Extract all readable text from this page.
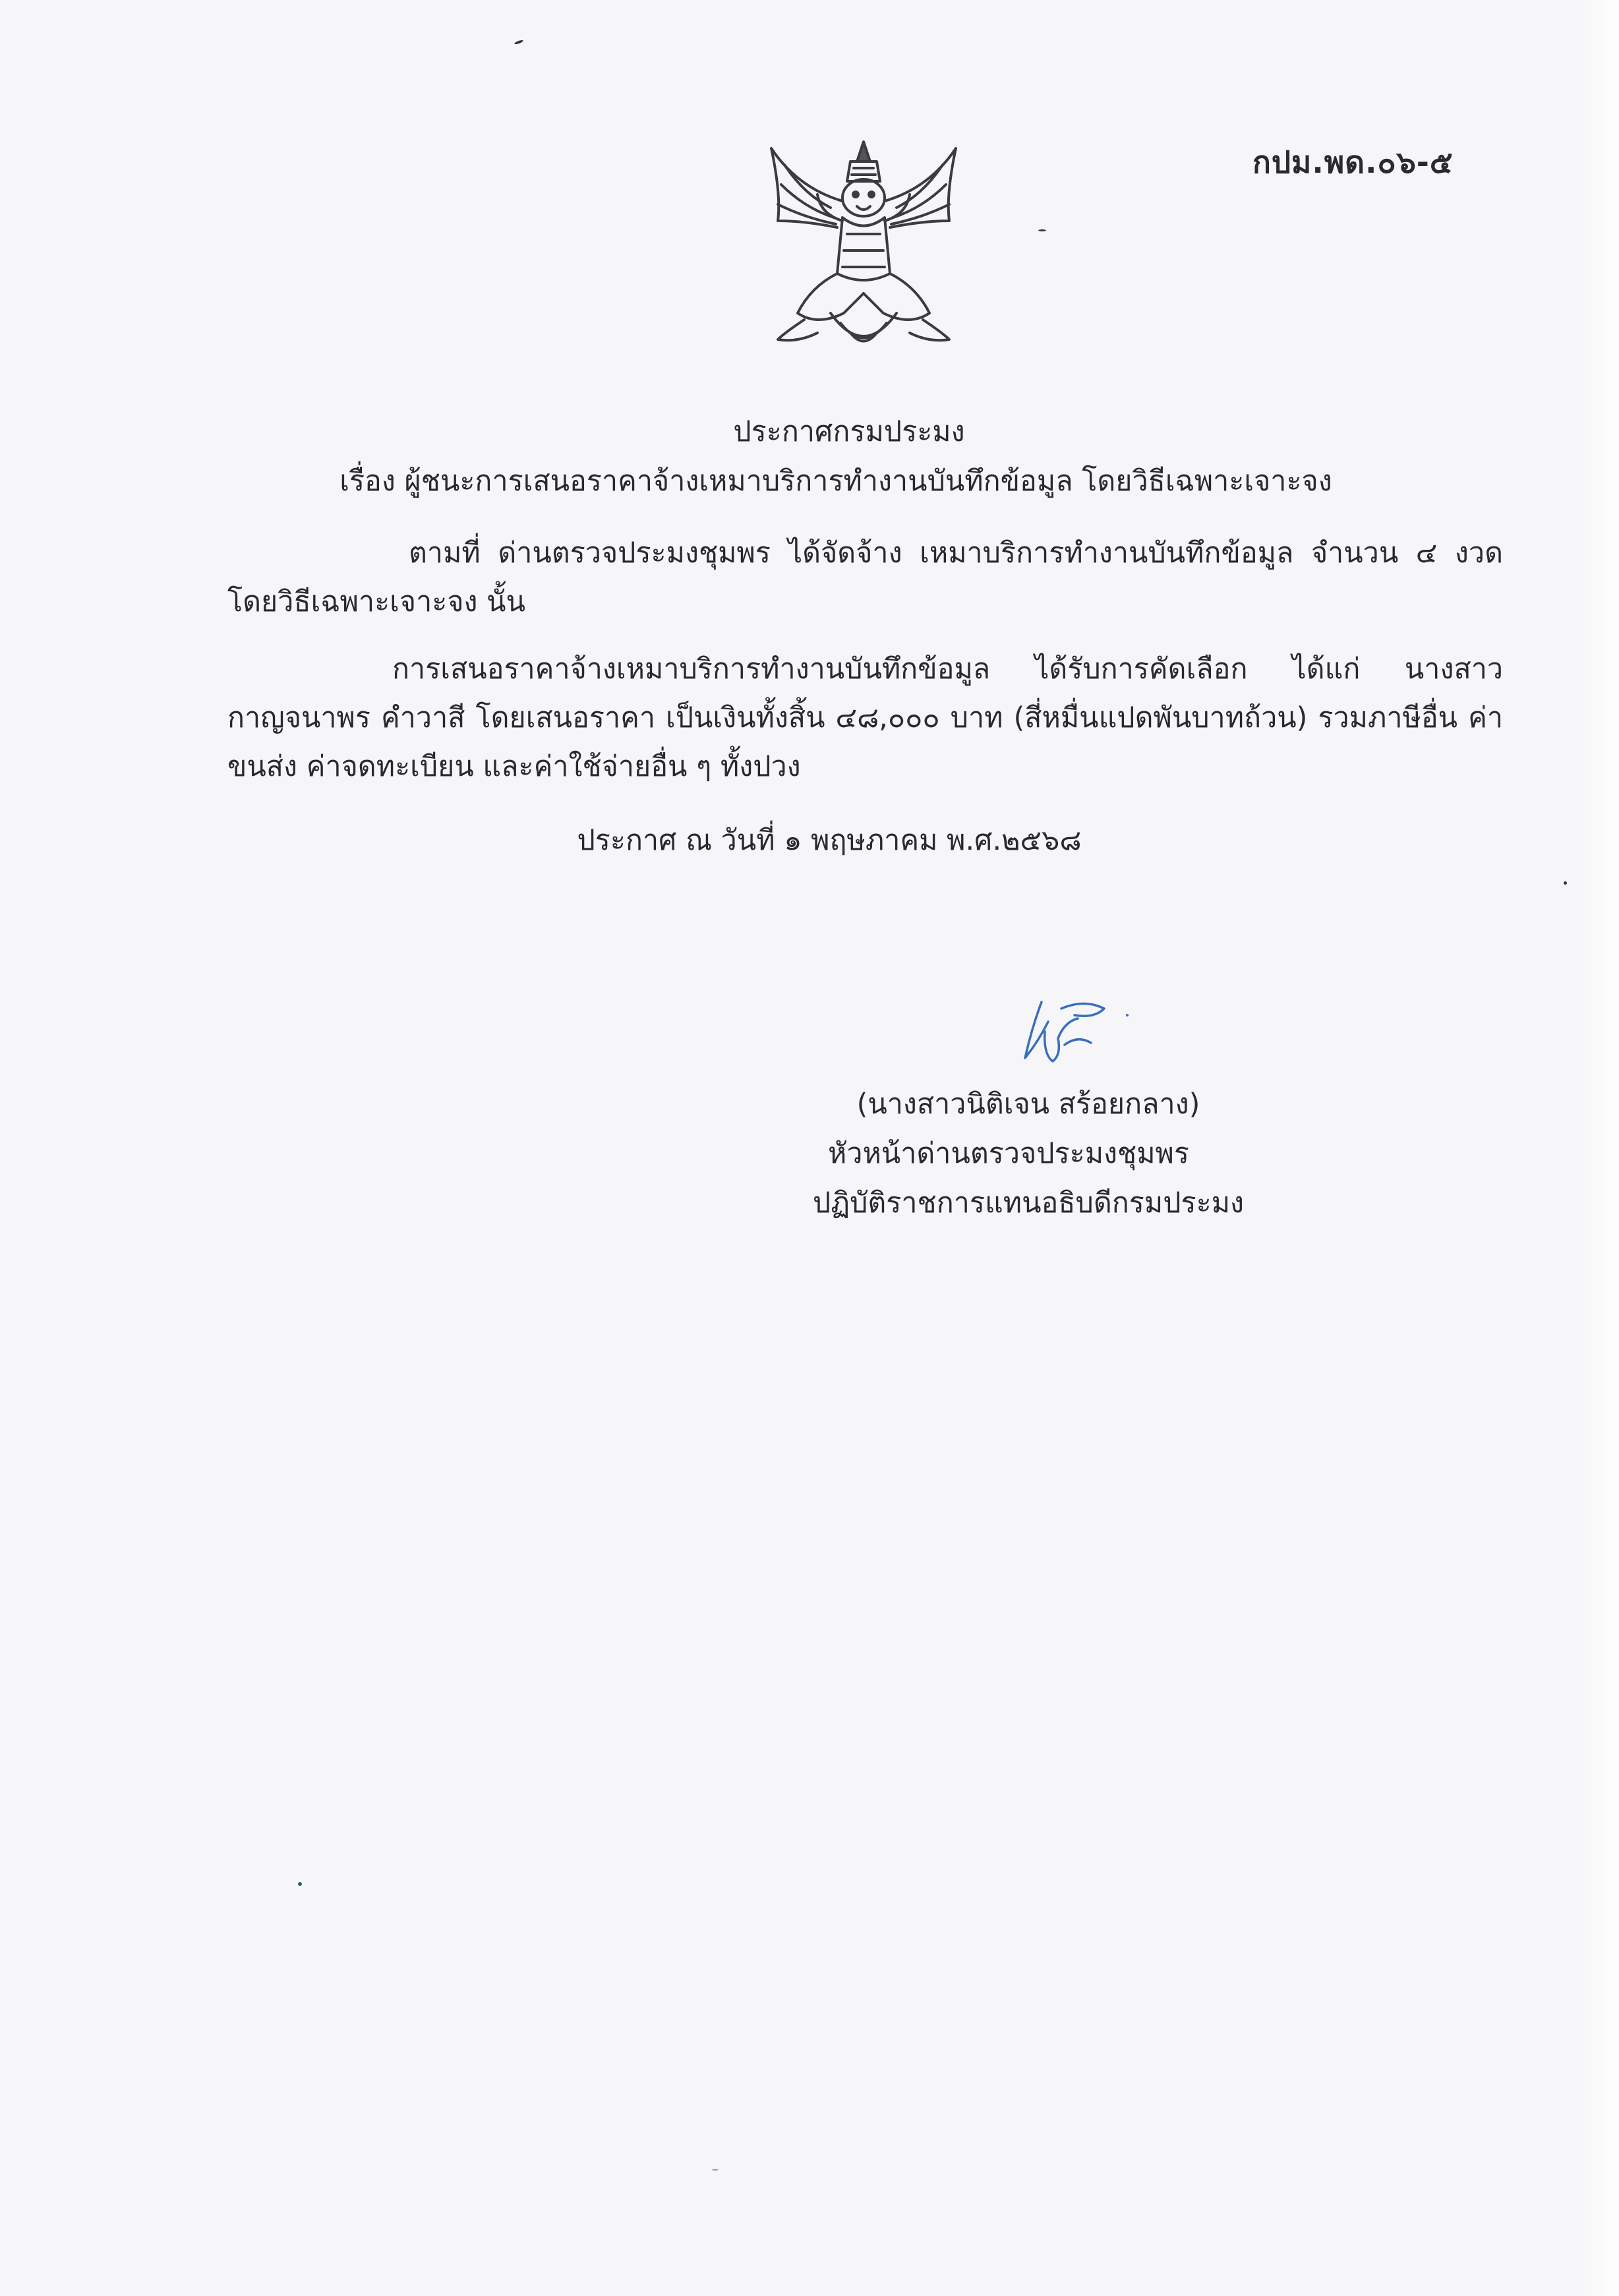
กปม.พด.๐๖-๕
ประกาศกรมประมง
เรื่อง ผู้ชนะการเสนอราคาจ้างเหมาบริการทำงานบันทึกข้อมูล โดยวิธีเฉพาะเจาะจง
ตามที่ ด่านตรวจประมงชุมพร ได้จัดจ้าง เหมาบริการทำงานบันทึกข้อมูล จำนวน ๔ งวด โดยวิธีเฉพาะเจาะจง นั้น
การเสนอราคาจ้างเหมาบริการทำงานบันทึกข้อมูล ได้รับการคัดเลือก ได้แก่ นางสาวกาญจนาพร คำวาสี โดยเสนอราคา เป็นเงินทั้งสิ้น ๔๘,๐๐๐ บาท (สี่หมื่นแปดพันบาทถ้วน) รวมภาษีอื่น ค่าขนส่ง ค่าจดทะเบียน และค่าใช้จ่ายอื่น ๆ ทั้งปวง
ประกาศ ณ วันที่ ๑ พฤษภาคม พ.ศ.๒๕๖๘
(นางสาวนิติเจน สร้อยกลาง)
หัวหน้าด่านตรวจประมงชุมพร
ปฏิบัติราชการแทนอธิบดีกรมประมง
